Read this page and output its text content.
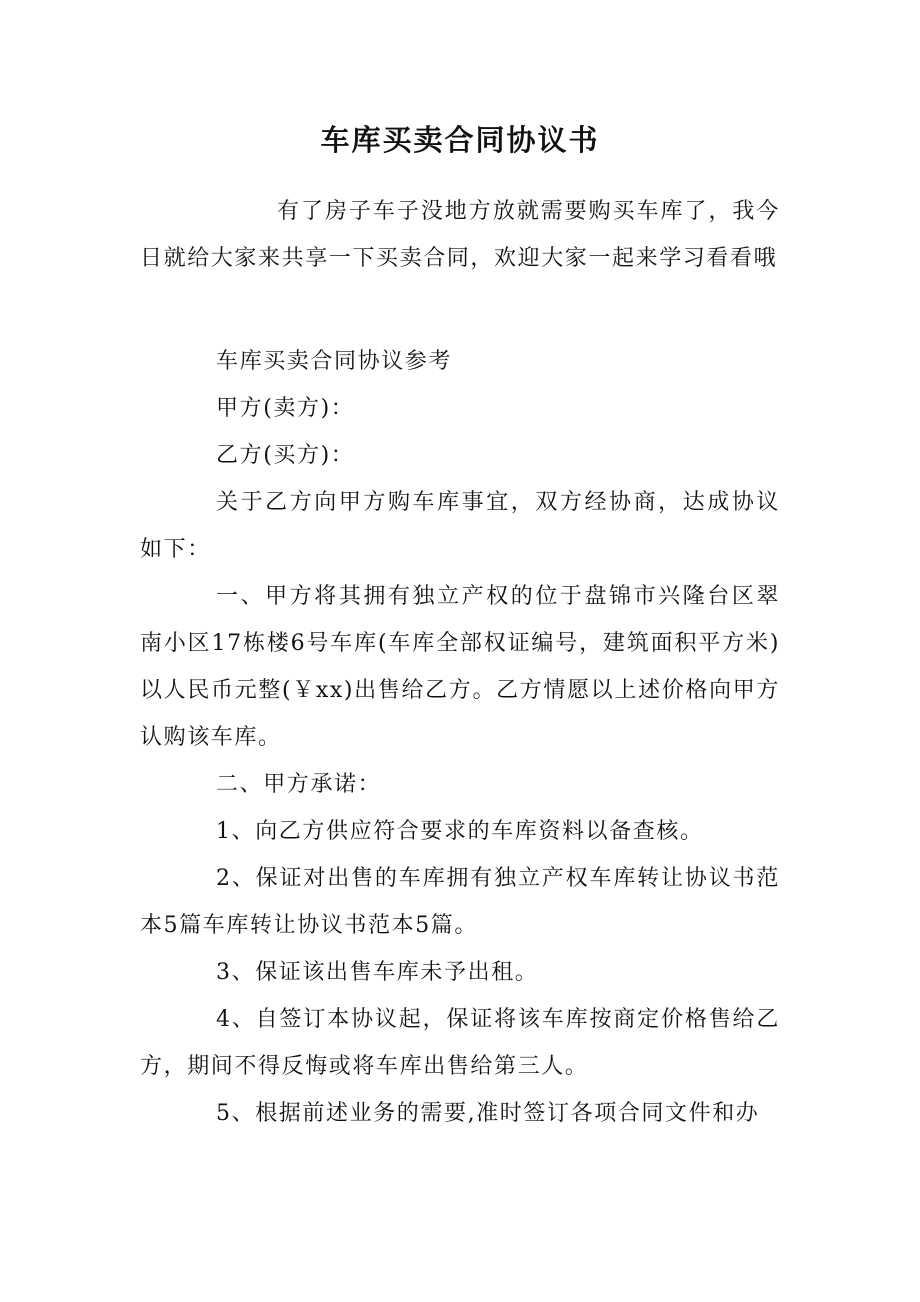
车库买卖合同协议书

有了房子车子没地方放就需要购买车库了，我今日就给大家来共享一下买卖合同，欢迎大家一起来学习看看哦

车库买卖合同协议参考

甲方(卖方)：

乙方(买方)：

关于乙方向甲方购车库事宜，双方经协商，达成协议如下：

一、甲方将其拥有独立产权的位于盘锦市兴隆台区翠南小区17栋楼6号车库(车库全部权证编号，建筑面积平方米)以人民币元整(￥xx)出售给乙方。乙方情愿以上述价格向甲方认购该车库。

二、甲方承诺：

1、向乙方供应符合要求的车库资料以备查核。

2、保证对出售的车库拥有独立产权车库转让协议书范本5篇车库转让协议书范本5篇。

3、保证该出售车库未予出租。

4、自签订本协议起，保证将该车库按商定价格售给乙方，期间不得反悔或将车库出售给第三人。

5、根据前述业务的需要,准时签订各项合同文件和办
